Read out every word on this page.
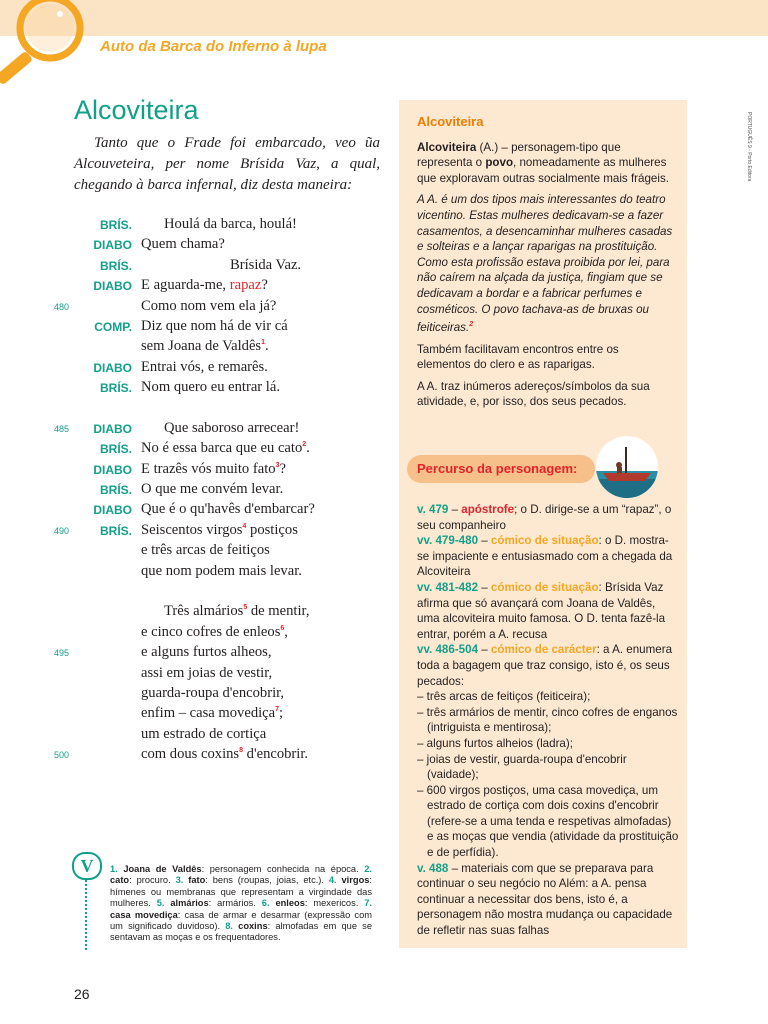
Auto da Barca do Inferno à lupa
Alcoviteira
Tanto que o Frade foi embarcado, veo ũa Alcouveteira, per nome Brísida Vaz, a qual, chegando à barca infernal, diz desta maneira:
BRÍS. Houlá da barca, houlá!
DIABO Quem chama?
BRÍS.	Brísida Vaz.
DIABO E aguarda-me, rapaz?
480	Como nom vem ela já?
COMP. Diz que nom há de vir cá
sem Joana de Valdês$^1$.
DIABO Entrai vós, e remarês.
BRÍS. Nom quero eu entrar lá.
485 DIABO Que saboroso arrecear!
BRÍS. No é essa barca que eu cato$^2$.
DIABO E trazês vós muito fato$^3$?
BRÍS. O que me convém levar.
DIABO Que é o qu'havês d'embarcar?
490	BRÍS. Seiscentos virgos$^4$ postiços
e três arcas de feitiços
que nom podem mais levar.
Três almários$^5$ de mentir,
e cinco cofres de enleos$^6$,
495	e alguns furtos alheos,
assi em joias de vestir,
guarda-roupa d'encobrir,
enfim – casa movediça$^7$;
um estrado de cortiça
500	com dous coxins$^8$ d'encobrir.
V	1. Joana de Valdês: personagem conhecida na época. 2. cato: procuro. 3. fato: bens (roupas, joias, etc.). 4. virgos: hímenes ou membranas que representam a virgindade das mulheres. 5. almários: armários. 6. enleos: mexericos. 7. casa movediça: casa de armar e desarmar (expressão com um significado duvidoso). 8. coxins: almofadas em que se sentavam as moças e os frequentadores.
26
PORTUGUÊS 9 · Porto Editora
Alcoviteira

Alcoviteira (A.) – personagem-tipo que representa o povo, nomeadamente as mulheres que exploravam outras socialmente mais frágeis.

A A. é um dos tipos mais interessantes do teatro vicentino. Estas mulheres dedicavam-se a fazer casamentos, a desencaminhar mulheres casadas e solteiras e a lançar raparigas na prostituição. Como esta profissão estava proibida por lei, para não caírem na alçada da justiça, fingiam que se dedicavam a bordar e a fabricar perfumes e cosméticos. O povo tachava-as de bruxas ou feiticeiras.$^2$

Também facilitavam encontros entre os elementos do clero e as raparigas.

A A. traz inúmeros adereços/símbolos da sua atividade, e, por isso, dos seus pecados.

Percurso da personagem:

v. 479 – apóstrofe; o D. dirige-se a um “rapaz”, o seu companheiro

vv. 479-480 – cómico de situação: o D. mostra-se impaciente e entusiasmado com a chegada da Alcoviteira

vv. 481-482 – cómico de situação: Brísida Vaz afirma que só avançará com Joana de Valdês, uma alcoviteira muito famosa. O D. tenta fazê-la entrar, porém a A. recusa

vv. 486-504 – cómico de carácter: a A. enumera toda a bagagem que traz consigo, isto é, os seus pecados:

– três arcas de feitiços (feiticeira);
– três armários de mentir, cinco cofres de enganos (intriguista e mentirosa);
– alguns furtos alheios (ladra);
– joias de vestir, guarda-roupa d'encobrir (vaidade);
– 600 virgos postiços, uma casa movediça, um estrado de cortiça com dois coxins d'encobrir (refere-se a uma tenda e respetivas almofadas) e as moças que vendia (atividade da prostituição e de perfídia).

v. 488 – materiais com que se preparava para continuar o seu negócio no Além: a A. pensa continuar a necessitar dos bens, isto é, a personagem não mostra mudança ou capacidade de refletir nas suas falhas
